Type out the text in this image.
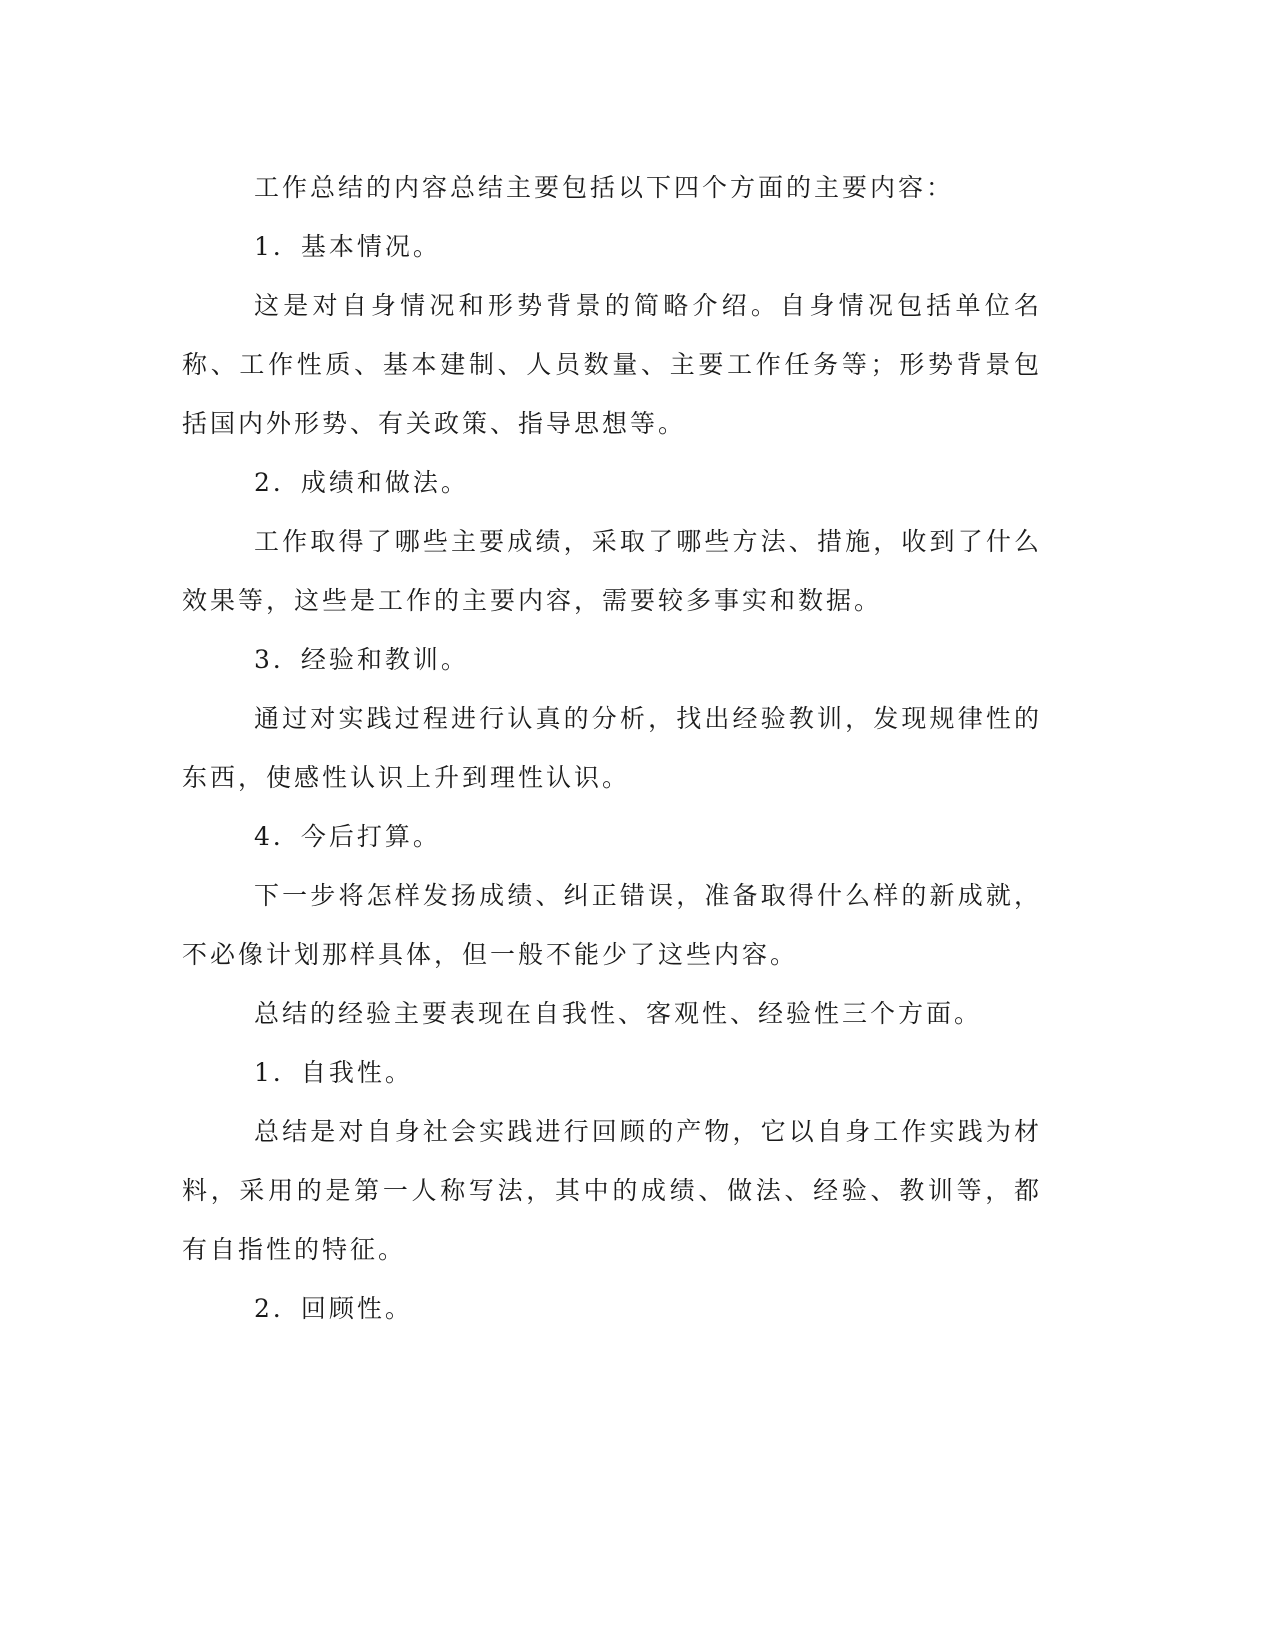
工作总结的内容总结主要包括以下四个方面的主要内容：

1．基本情况。

这是对自身情况和形势背景的简略介绍。自身情况包括单位名称、工作性质、基本建制、人员数量、主要工作任务等；形势背景包括国内外形势、有关政策、指导思想等。

2．成绩和做法。

工作取得了哪些主要成绩，采取了哪些方法、措施，收到了什么效果等，这些是工作的主要内容，需要较多事实和数据。

3．经验和教训。

通过对实践过程进行认真的分析，找出经验教训，发现规律性的东西，使感性认识上升到理性认识。

4．今后打算。

下一步将怎样发扬成绩、纠正错误，准备取得什么样的新成就，不必像计划那样具体，但一般不能少了这些内容。

总结的经验主要表现在自我性、客观性、经验性三个方面。

1．自我性。

总结是对自身社会实践进行回顾的产物，它以自身工作实践为材料，采用的是第一人称写法，其中的成绩、做法、经验、教训等，都有自指性的特征。

2．回顾性。
